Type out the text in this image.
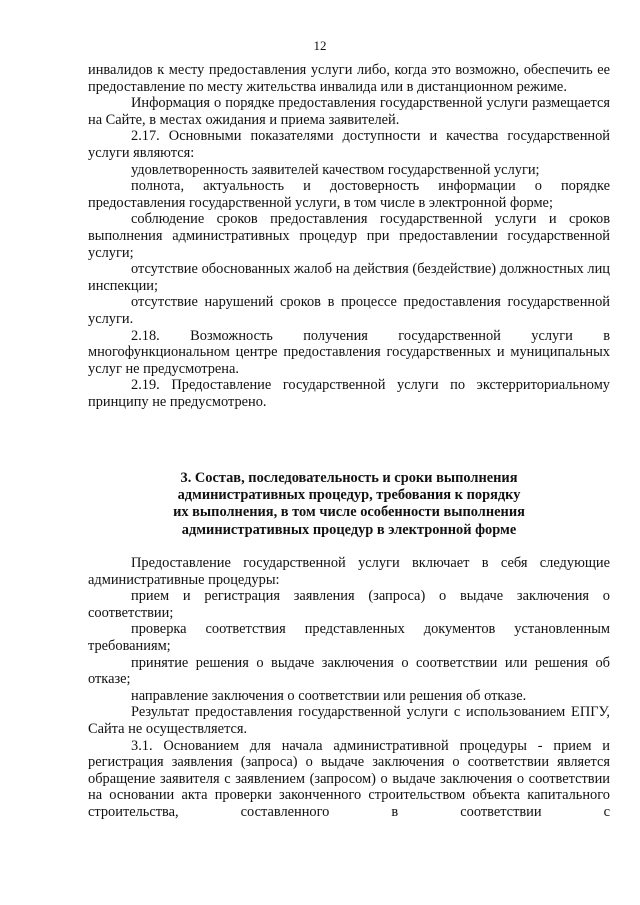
12

инвалидов к месту предоставления услуги либо, когда это возможно, обеспечить ее предоставление по месту жительства инвалида или в дистанционном режиме.

Информация о порядке предоставления государственной услуги размещается на Сайте, в местах ожидания и приема заявителей.

2.17. Основными показателями доступности и качества государственной услуги являются:

удовлетворенность заявителей качеством государственной услуги;

полнота, актуальность и достоверность информации о порядке предоставления государственной услуги, в том числе в электронной форме;

соблюдение сроков предоставления государственной услуги и сроков выполнения административных процедур при предоставлении государственной услуги;

отсутствие обоснованных жалоб на действия (бездействие) должностных лиц инспекции;

отсутствие нарушений сроков в процессе предоставления государственной услуги.

2.18. Возможность получения государственной услуги в многофункциональном центре предоставления государственных и муниципальных услуг не предусмотрена.

2.19. Предоставление государственной услуги по экстерриториальному принципу не предусмотрено.

3. Состав, последовательность и сроки выполнения
административных процедур, требования к порядку
их выполнения, в том числе особенности выполнения
административных процедур в электронной форме

Предоставление государственной услуги включает в себя следующие административные процедуры:

прием и регистрация заявления (запроса) о выдаче заключения о соответствии;

проверка соответствия представленных документов установленным требованиям;

принятие решения о выдаче заключения о соответствии или решения об отказе;

направление заключения о соответствии или решения об отказе.

Результат предоставления государственной услуги с использованием ЕПГУ, Сайта не осуществляется.

3.1. Основанием для начала административной процедуры - прием и регистрация заявления (запроса) о выдаче заключения о соответствии является обращение заявителя с заявлением (запросом) о выдаче заключения о соответствии на основании акта проверки законченного строительством объекта капитального строительства, составленного в соответствии с
